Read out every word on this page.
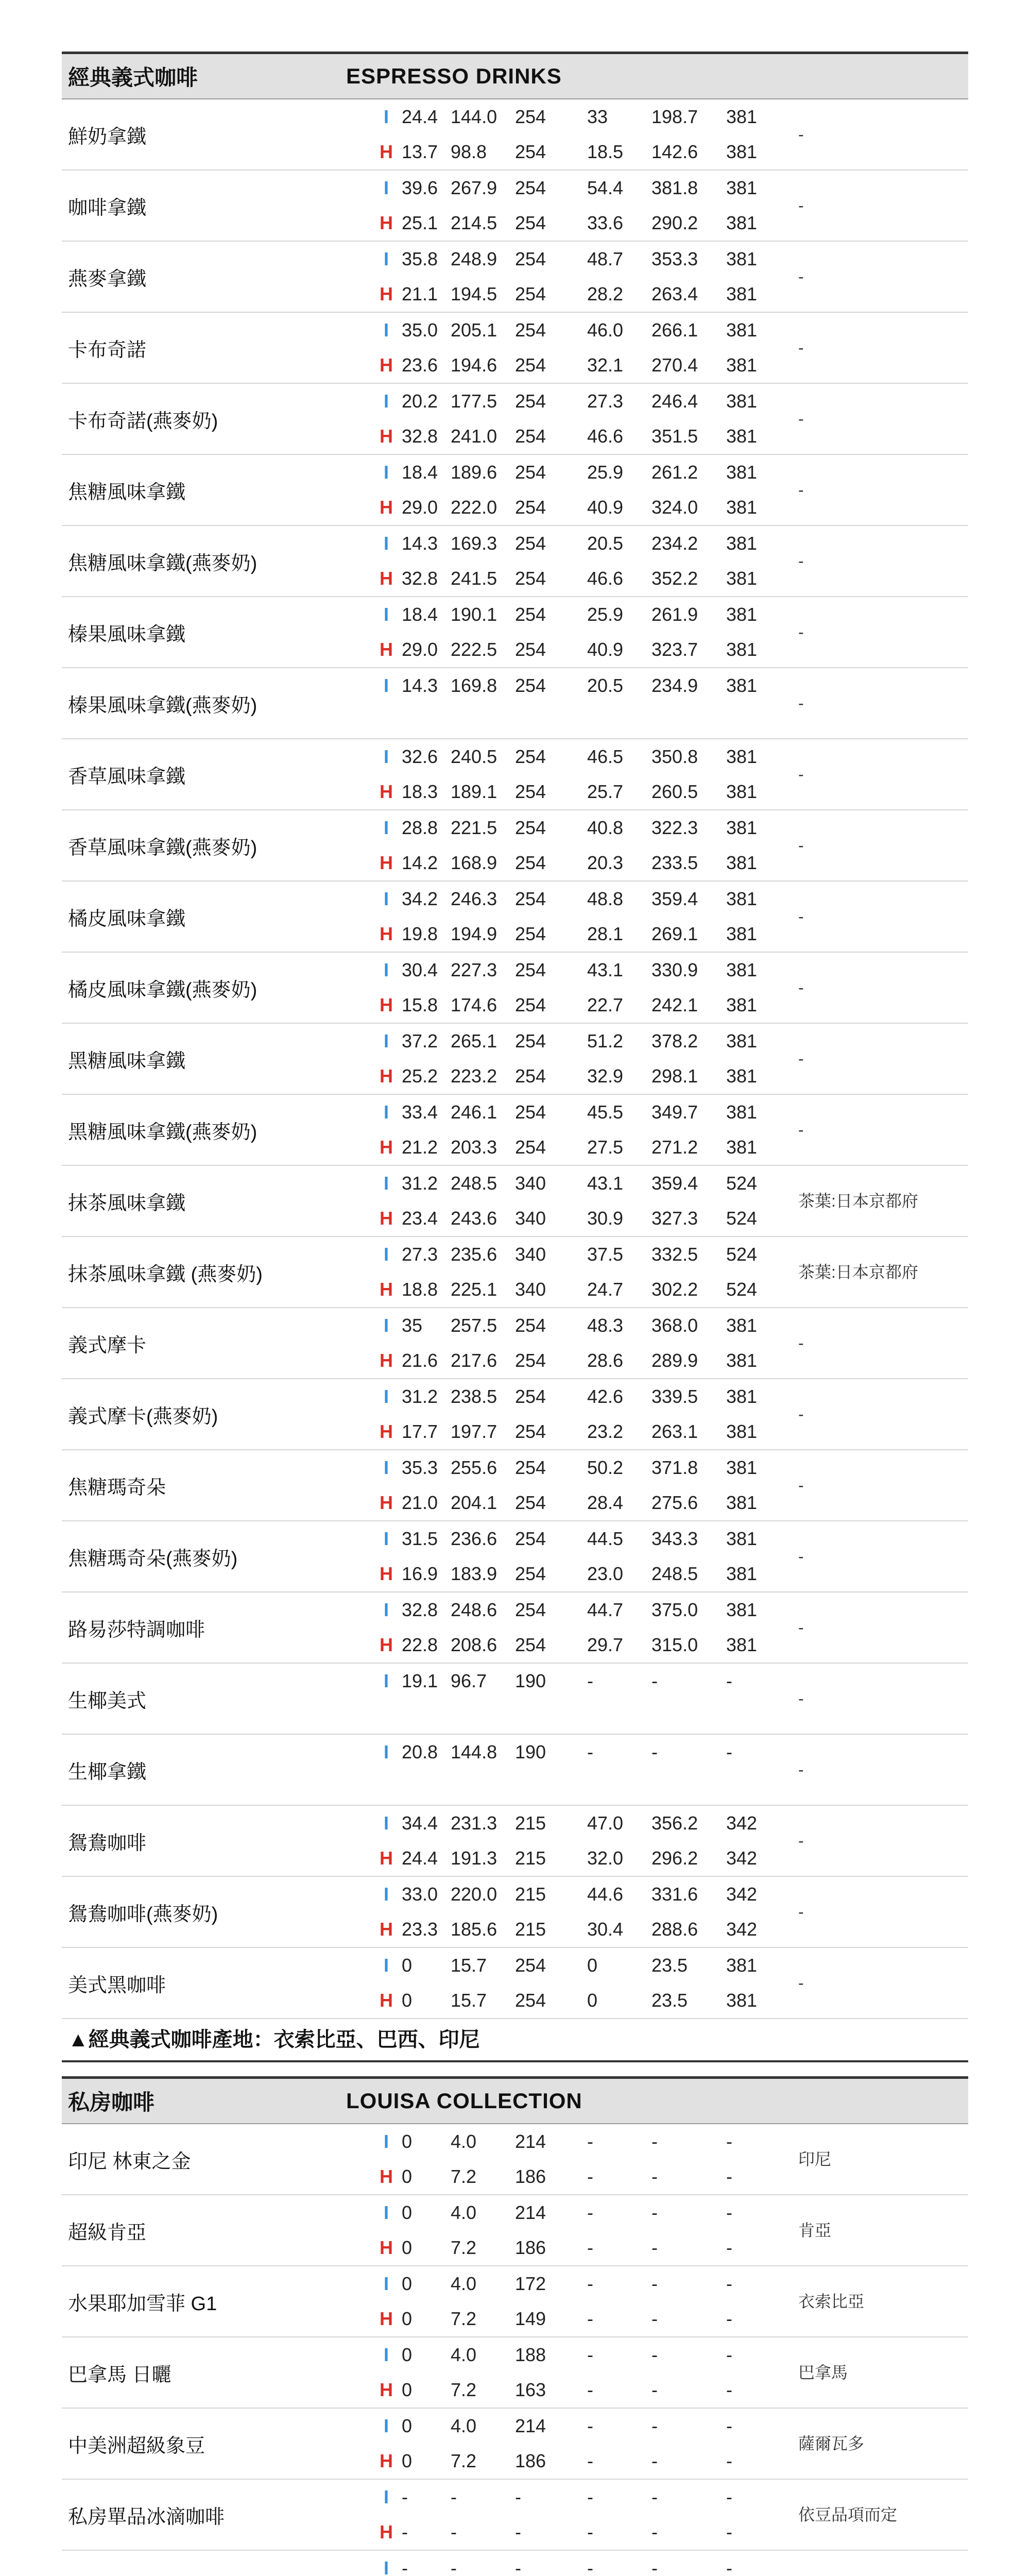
經典義式咖啡	ESPRESSO DRINKS
鮮奶拿鐵
I 24.4 144.0 254 33 198.7 381
H 13.7 98.8 254 18.5 142.6 381
-
咖啡拿鐵
I 39.6 267.9 254 54.4 381.8 381
H 25.1 214.5 254 33.6 290.2 381
-
燕麥拿鐵
I 35.8 248.9 254 48.7 353.3 381
H 21.1 194.5 254 28.2 263.4 381
-
卡布奇諾
I 35.0 205.1 254 46.0 266.1 381
H 23.6 194.6 254 32.1 270.4 381
-
卡布奇諾(燕麥奶)
I 20.2 177.5 254 27.3 246.4 381
H 32.8 241.0 254 46.6 351.5 381
-
焦糖風味拿鐵
I 18.4 189.6 254 25.9 261.2 381
H 29.0 222.0 254 40.9 324.0 381
-
焦糖風味拿鐵(燕麥奶)
I 14.3 169.3 254 20.5 234.2 381
H 32.8 241.5 254 46.6 352.2 381
-
榛果風味拿鐵
I 18.4 190.1 254 25.9 261.9 381
H 29.0 222.5 254 40.9 323.7 381
-
榛果風味拿鐵(燕麥奶)
I 14.3 169.8 254 20.5 234.9 381
-
香草風味拿鐵
I 32.6 240.5 254 46.5 350.8 381
H 18.3 189.1 254 25.7 260.5 381
-
香草風味拿鐵(燕麥奶)
I 28.8 221.5 254 40.8 322.3 381
H 14.2 168.9 254 20.3 233.5 381
-
橘皮風味拿鐵
I 34.2 246.3 254 48.8 359.4 381
H 19.8 194.9 254 28.1 269.1 381
-
橘皮風味拿鐵(燕麥奶)
I 30.4 227.3 254 43.1 330.9 381
H 15.8 174.6 254 22.7 242.1 381
-
黑糖風味拿鐵
I 37.2 265.1 254 51.2 378.2 381
H 25.2 223.2 254 32.9 298.1 381
-
黑糖風味拿鐵(燕麥奶)
I 33.4 246.1 254 45.5 349.7 381
H 21.2 203.3 254 27.5 271.2 381
-
抹茶風味拿鐵
I 31.2 248.5 340 43.1 359.4 524
H 23.4 243.6 340 30.9 327.3 524
茶葉:日本京都府
抹茶風味拿鐵 (燕麥奶)
I 27.3 235.6 340 37.5 332.5 524
H 18.8 225.1 340 24.7 302.2 524
茶葉:日本京都府
義式摩卡
I 35 257.5 254 48.3 368.0 381
H 21.6 217.6 254 28.6 289.9 381
-
義式摩卡(燕麥奶)
I 31.2 238.5 254 42.6 339.5 381
H 17.7 197.7 254 23.2 263.1 381
-
焦糖瑪奇朵
I 35.3 255.6 254 50.2 371.8 381
H 21.0 204.1 254 28.4 275.6 381
-
焦糖瑪奇朵(燕麥奶)
I 31.5 236.6 254 44.5 343.3 381
H 16.9 183.9 254 23.0 248.5 381
-
路易莎特調咖啡
I 32.8 248.6 254 44.7 375.0 381
H 22.8 208.6 254 29.7 315.0 381
-
生椰美式
I 19.1 96.7 190 -	-	-
-
生椰拿鐵
I 20.8 144.8 190 -	-	-
-
鴛鴦咖啡
I 34.4 231.3 215 47.0 356.2 342
H 24.4 191.3 215 32.0 296.2 342
-
鴛鴦咖啡(燕麥奶)
I 33.0 220.0 215 44.6 331.6 342
H 23.3 185.6 215 30.4 288.6 342
-
美式黑咖啡
I 0 15.7 254 0	23.5 381
H 0 15.7 254 0	23.5 381
-
▲經典義式咖啡產地：衣索比亞、巴西、印尼
私房咖啡	LOUISA COLLECTION
印尼 林東之金
I 0 4.0 214 -	-	-
H 0 7.2 186 -	-	-
印尼
超級肯亞
I 0 4.0 214 -	-	-
H 0 7.2 186 -	-	-
肯亞
水果耶加雪菲 G1
I 0 4.0 172 -	-	-
H 0 7.2 149 -	-	-
衣索比亞
巴拿馬 日曬
I 0 4.0 188 -	-	-
H 0 7.2 163 -	-	-
巴拿馬
中美洲超級象豆
I 0 4.0 214 -	-	-
H 0 7.2 186 -	-	-
薩爾瓦多
私房單品冰滴咖啡
I - -	-	-	-	-
H - -	-	-	-	-
依豆品項而定
I - -	-	-	-	-
